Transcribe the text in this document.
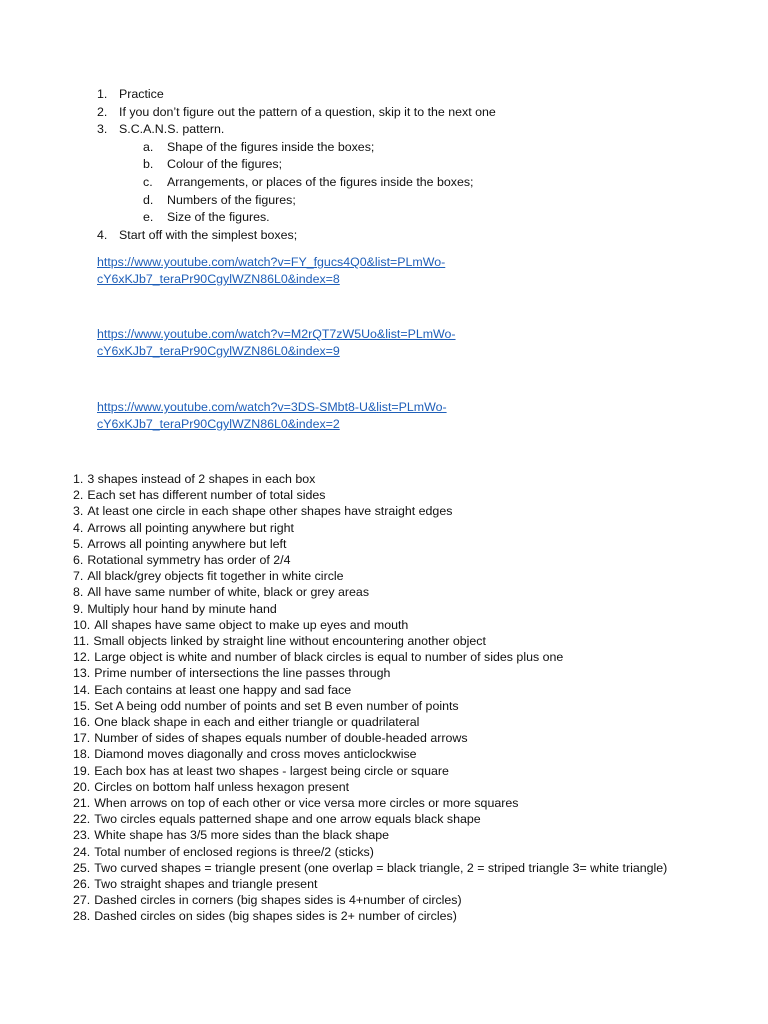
1. Practice
2. If you don’t figure out the pattern of a question, skip it to the next one
3. S.C.A.N.S. pattern.
a.	Shape of the figures inside the boxes;
b.	Colour of the figures;
c.	Arrangements, or places of the figures inside the boxes;
d.	Numbers of the figures;
e.	Size of the figures.
4. Start off with the simplest boxes;
https://www.youtube.com/watch?v=FY_fgucs4Q0&list=PLmWo-
cY6xKJb7_teraPr90CgylWZN86L0&index=8
https://www.youtube.com/watch?v=M2rQT7zW5Uo&list=PLmWo-
cY6xKJb7_teraPr90CgylWZN86L0&index=9
https://www.youtube.com/watch?v=3DS-SMbt8-U&list=PLmWo-
cY6xKJb7_teraPr90CgylWZN86L0&index=2
1. 3 shapes instead of 2 shapes in each box
2. Each set has different number of total sides
3. At least one circle in each shape other shapes have straight edges
4. Arrows all pointing anywhere but right
5. Arrows all pointing anywhere but left
6. Rotational symmetry has order of 2/4
7. All black/grey objects fit together in white circle
8. All have same number of white, black or grey areas
9. Multiply hour hand by minute hand
10. All shapes have same object to make up eyes and mouth
11. Small objects linked by straight line without encountering another object
12. Large object is white and number of black circles is equal to number of sides plus one
13. Prime number of intersections the line passes through
14. Each contains at least one happy and sad face
15. Set A being odd number of points and set B even number of points
16. One black shape in each and either triangle or quadrilateral
17. Number of sides of shapes equals number of double-headed arrows
18. Diamond moves diagonally and cross moves anticlockwise
19. Each box has at least two shapes - largest being circle or square
20. Circles on bottom half unless hexagon present
21. When arrows on top of each other or vice versa more circles or more squares
22. Two circles equals patterned shape and one arrow equals black shape
23. White shape has 3/5 more sides than the black shape
24. Total number of enclosed regions is three/2 (sticks)
25. Two curved shapes = triangle present (one overlap = black triangle, 2 = striped triangle 3= white triangle)
26. Two straight shapes and triangle present
27. Dashed circles in corners (big shapes sides is 4+number of circles)
28. Dashed circles on sides (big shapes sides is 2+ number of circles)
